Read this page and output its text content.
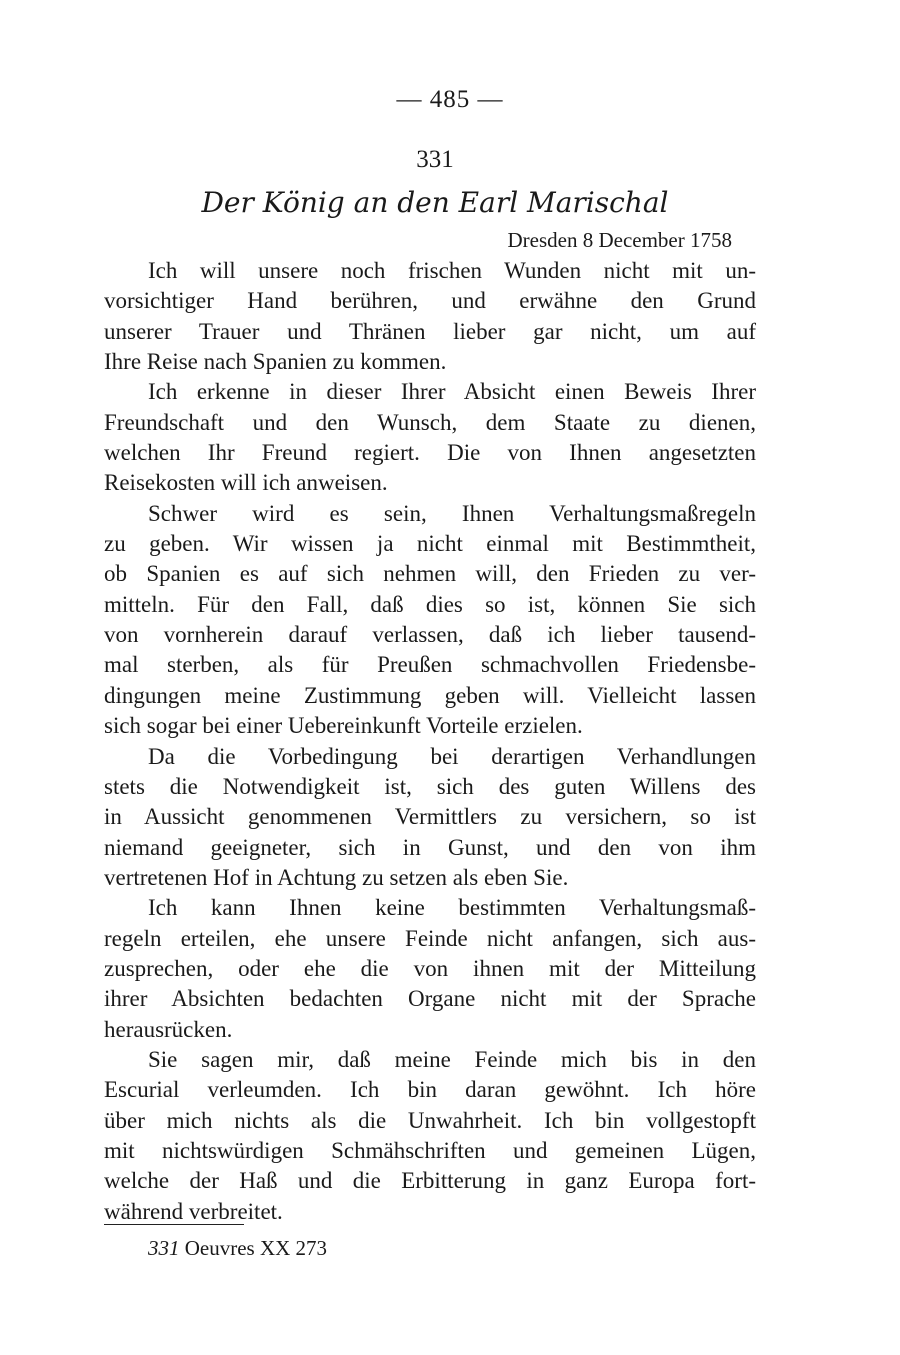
— 485 —
331
Der König an den Earl Marischal
Dresden 8 December 1758
Ich will unsere noch frischen Wunden nicht mit un-
vorsichtiger Hand berühren, und erwähne den Grund
unserer Trauer und Thränen lieber gar nicht, um auf
Ihre Reise nach Spanien zu kommen.
Ich erkenne in dieser Ihrer Absicht einen Beweis Ihrer
Freundschaft und den Wunsch, dem Staate zu dienen,
welchen Ihr Freund regiert. Die von Ihnen angesetzten
Reisekosten will ich anweisen.
Schwer wird es sein, Ihnen Verhaltungsmaßregeln
zu geben. Wir wissen ja nicht einmal mit Bestimmtheit,
ob Spanien es auf sich nehmen will, den Frieden zu ver-
mitteln. Für den Fall, daß dies so ist, können Sie sich
von vornherein darauf verlassen, daß ich lieber tausend-
mal sterben, als für Preußen schmachvollen Friedensbe-
dingungen meine Zustimmung geben will. Vielleicht lassen
sich sogar bei einer Uebereinkunft Vorteile erzielen.
Da die Vorbedingung bei derartigen Verhandlungen
stets die Notwendigkeit ist, sich des guten Willens des
in Aussicht genommenen Vermittlers zu versichern, so ist
niemand geeigneter, sich in Gunst, und den von ihm
vertretenen Hof in Achtung zu setzen als eben Sie.
Ich kann Ihnen keine bestimmten Verhaltungsmaß-
regeln erteilen, ehe unsere Feinde nicht anfangen, sich aus-
zusprechen, oder ehe die von ihnen mit der Mitteilung
ihrer Absichten bedachten Organe nicht mit der Sprache
herausrücken.
Sie sagen mir, daß meine Feinde mich bis in den
Escurial verleumden. Ich bin daran gewöhnt. Ich höre
über mich nichts als die Unwahrheit. Ich bin vollgestopft
mit nichtswürdigen Schmähschriften und gemeinen Lügen,
welche der Haß und die Erbitterung in ganz Europa fort-
während verbreitet.
331 Oeuvres XX 273
